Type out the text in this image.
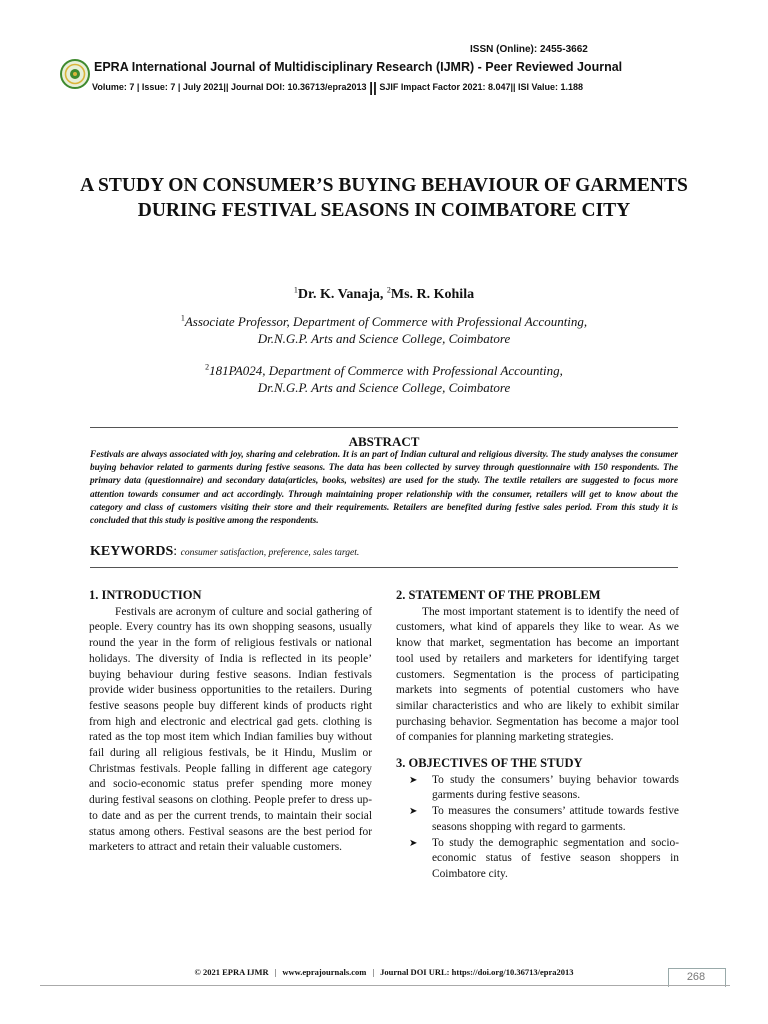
ISSN (Online): 2455-3662
EPRA International Journal of Multidisciplinary Research (IJMR) - Peer Reviewed Journal
Volume: 7 | Issue: 7 | July 2021|| Journal DOI: 10.36713/epra2013 || SJIF Impact Factor 2021: 8.047|| ISI Value: 1.188
A STUDY ON CONSUMER’S BUYING BEHAVIOUR OF GARMENTS DURING FESTIVAL SEASONS IN COIMBATORE CITY
$^1$Dr. K. Vanaja, $^2$Ms. R. Kohila
$^1$Associate Professor, Department of Commerce with Professional Accounting,
Dr.N.G.P. Arts and Science College, Coimbatore
$^2$181PA024, Department of Commerce with Professional Accounting,
Dr.N.G.P. Arts and Science College, Coimbatore
ABSTRACT
Festivals are always associated with joy, sharing and celebration. It is an part of Indian cultural and religious diversity. The study analyses the consumer buying behavior related to garments during festive seasons. The data has been collected by survey through questionnaire with 150 respondents. The primary data (questionnaire) and secondary data(articles, books, websites) are used for the study. The textile retailers are suggested to focus more attention towards consumer and act accordingly. Through maintaining proper relationship with the consumer, retailers will get to know about the category and class of customers visiting their store and their requirements. Retailers are benefited during festive sales period. From this study it is concluded that this study is positive among the respondents.
KEYWORDS: consumer satisfaction, preference, sales target.
1. INTRODUCTION

Festivals are acronym of culture and social gathering of people. Every country has its own shopping seasons, usually round the year in the form of religious festivals or national holidays. The diversity of India is reflected in its people’ buying behaviour during festive seasons. Indian festivals provide wider business opportunities to the retailers. During festive seasons people buy different kinds of products right from high and electronic and electrical gad gets. clothing is rated as the top most item which Indian families buy without fail during all religious festivals, be it Hindu, Muslim or Christmas festivals. People falling in different age category and socio-economic status prefer spending more money during festival seasons on clothing. People prefer to dress up- to date and as per the current trends, to maintain their social status among others. Festival seasons are the best period for marketers to attract and retain their valuable customers.

2. STATEMENT OF THE PROBLEM

The most important statement is to identify the need of customers, what kind of apparels they like to wear. As we know that market, segmentation has become an important tool used by retailers and marketers for identifying target customers. Segmentation is the process of participating markets into segments of potential customers who have similar characteristics and who are likely to exhibit similar purchasing behavior. Segmentation has become a major tool of companies for planning marketing strategies.

3. OBJECTIVES OF THE STUDY
➤ To study the consumers’ buying behavior towards garments during festive seasons.
➤ To measures the consumers’ attitude towards festive seasons shopping with regard to garments.
➤ To study the demographic segmentation and socio-economic status of festive season shoppers in Coimbatore city.
© 2021 EPRA IJMR | www.eprajournals.com | Journal DOI URL: https://doi.org/10.36713/epra2013	268
